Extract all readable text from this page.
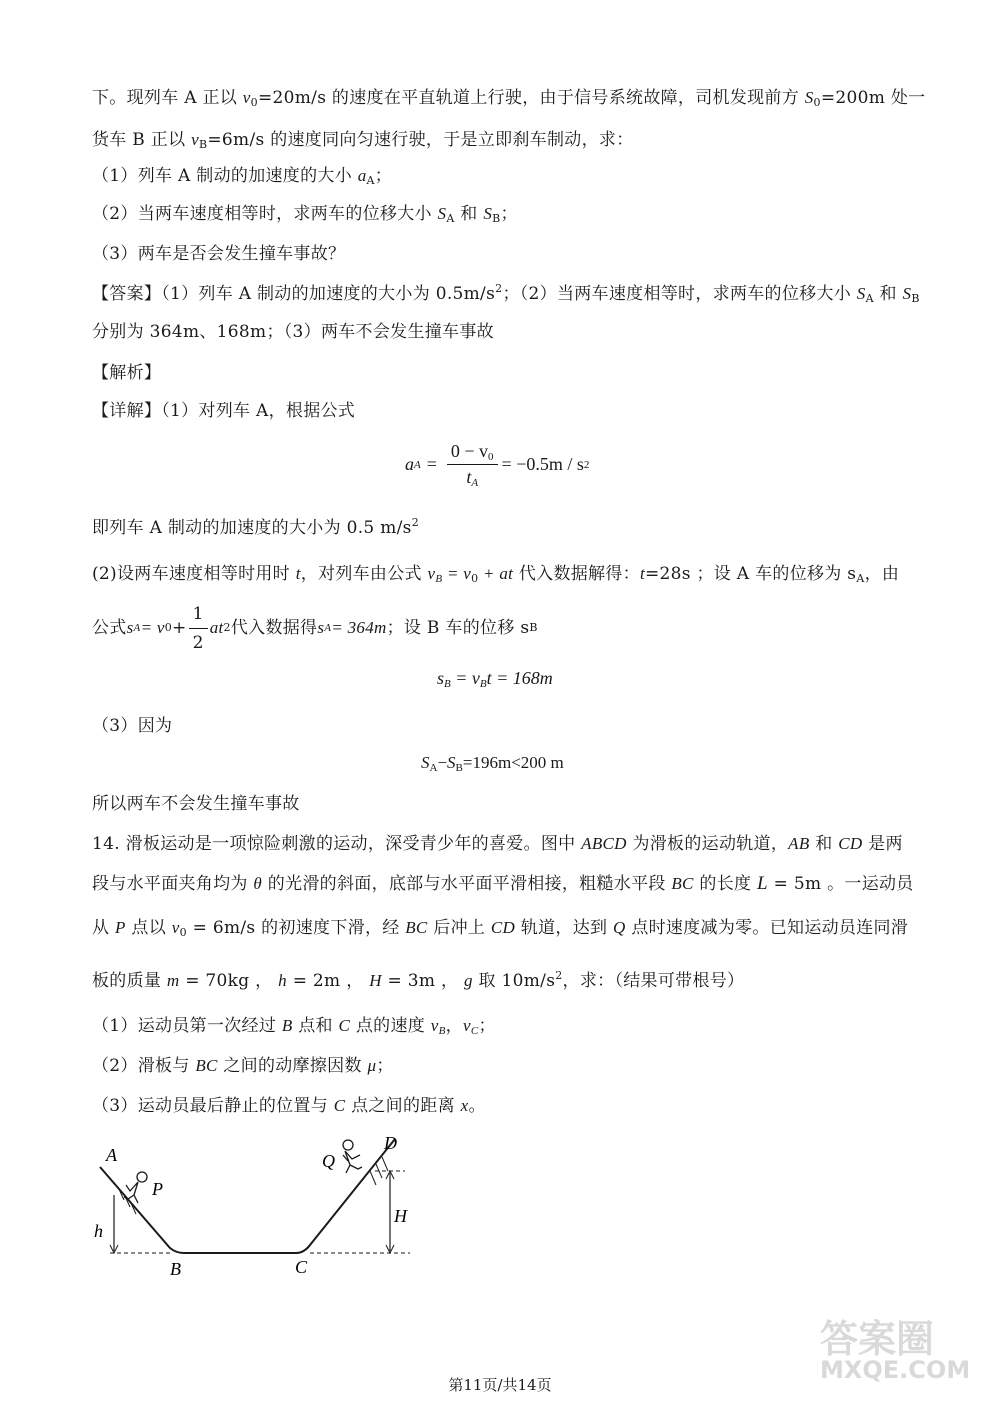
下。现列车 A 正以 $v_0=20m/s$ 的速度在平直轨道上行驶，由于信号系统故障，司机发现前方 $S_0=200m$ 处一
货车 B 正以 $v_B=6m/s$ 的速度同向匀速行驶，于是立即刹车制动，求：
（1）列车 A 制动的加速度的大小 $a_A$；
（2）当两车速度相等时，求两车的位移大小 $S_A$ 和 $S_B$；
（3）两车是否会发生撞车事故？
【答案】（1）列车 A 制动的加速度的大小为 $0.5m/s^2$；（2）当两车速度相等时，求两车的位移大小 $S_A$ 和 $S_B$
分别为 364m、168m；（3）两车不会发生撞车事故
【解析】
【详解】（1）对列车 A，根据公式
a $A = \frac{0 - v_0}{t_A} = -0.5m / s$ 2
即列车 A 制动的加速度的大小为 0.5 $m/s^2$
(2)设两车速度相等时用时 t，对列车由公式 $v_B = v_0$ + at 代入数据解得：t=28s ；设 A 车的位移为 $s_A$，由
公式 s A = v $0 + \frac{1}{2}$ at 2 代入数据得 s A = 364m ；设 B 车的位移 s B
$s_B = v_Bt = 168m$
（3）因为
$S_A-S_B=196m<200$ m
所以两车不会发生撞车事故
14. 滑板运动是一项惊险刺激的运动，深受青少年的喜爱。图中 ABCD 为滑板的运动轨道，AB 和 CD 是两
段与水平面夹角均为 θ 的光滑的斜面，底部与水平面平滑相接，粗糙水平段 BC 的长度 L = 5m 。一运动员
从 P 点以 $v_0 = 6m/s$ 的初速度下滑，经 BC 后冲上 CD 轨道，达到 Q 点时速度减为零。已知运动员连同滑
板的质量 m = 70kg ， h = 2m ， H = 3m ， g 取 $10m/s^2$，求：（结果可带根号）
（1）运动员第一次经过 B 点和 C 点的速度 $v_B$，$v_C$；
（2）滑板与 BC 之间的动摩擦因数 μ；
（3）运动员最后静止的位置与 C 点之间的距离 x。
A
P
h
B	C
Q
D
H
答案圈
MXQE.COM
第11页/共14页
